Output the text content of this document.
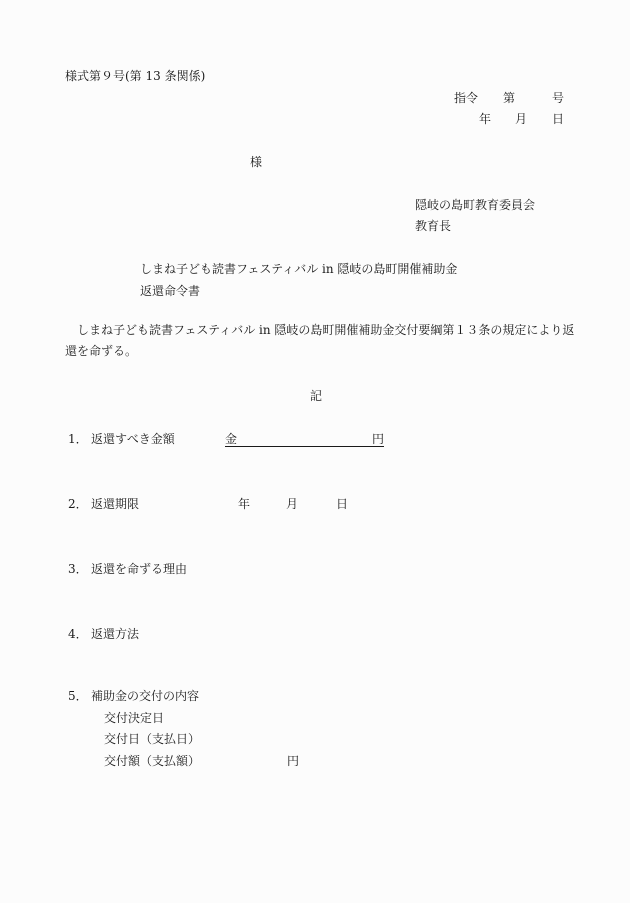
様式第９号(第 13 条関係)
指令 第	号
年 月 日
様
隠岐の島町教育委員会
教育長
しまね子ども読書フェスティバル in 隠岐の島町開催補助金
返還命令書
しまね子ども読書フェスティバル in 隠岐の島町開催補助金交付要綱第１３条の規定により返還を命ずる。
記
1． 返還すべき金額	金	円
2． 返還期限	年	月	日
3． 返還を命ずる理由
4． 返還方法
5． 補助金の交付の内容
交付決定日
交付日（支払日）
交付額（支払額）	円
